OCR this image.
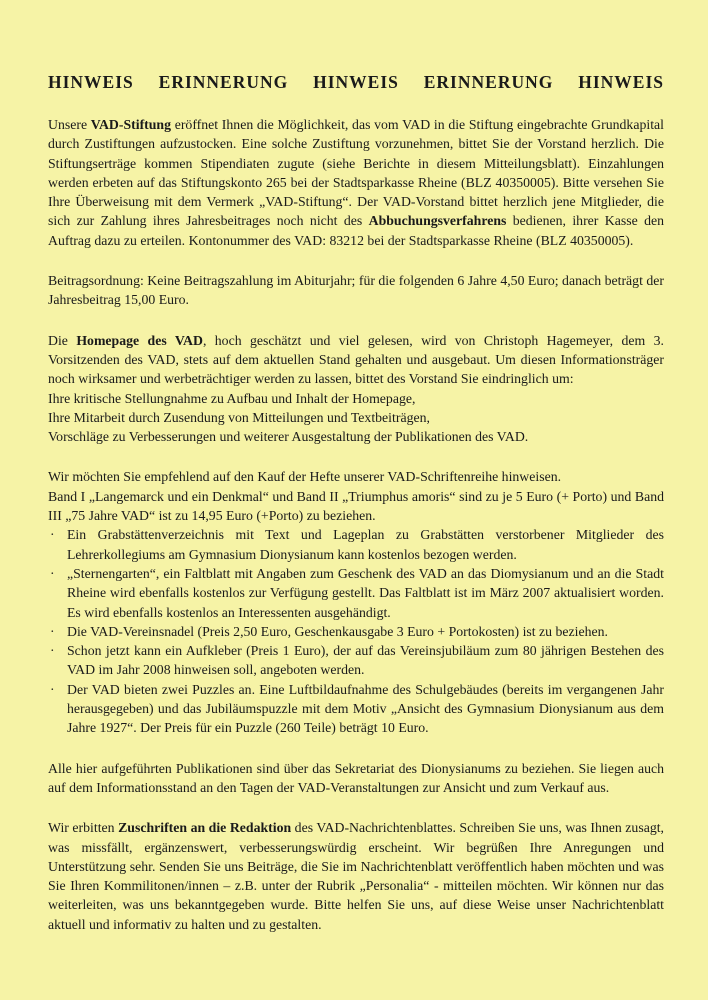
HINWEIS ERINNERUNG HINWEIS ERINNERUNG HINWEIS

Unsere VAD-Stiftung eröffnet Ihnen die Möglichkeit, das vom VAD in die Stiftung eingebrachte Grundkapital durch Zustiftungen aufzustocken. Eine solche Zustiftung vorzunehmen, bittet Sie der Vorstand herzlich. Die Stiftungserträge kommen Stipendiaten zugute (siehe Berichte in diesem Mitteilungsblatt). Einzahlungen werden erbeten auf das Stiftungskonto 265 bei der Stadtsparkasse Rheine (BLZ 40350005). Bitte versehen Sie Ihre Überweisung mit dem Vermerk „VAD-Stiftung“. Der VAD-Vorstand bittet herzlich jene Mitglieder, die sich zur Zahlung ihres Jahresbeitrages noch nicht des Abbuchungsverfahrens bedienen, ihrer Kasse den Auftrag dazu zu erteilen. Kontonummer des VAD: 83212 bei der Stadtsparkasse Rheine (BLZ 40350005).

Beitragsordnung: Keine Beitragszahlung im Abiturjahr; für die folgenden 6 Jahre 4,50 Euro; danach beträgt der Jahresbeitrag 15,00 Euro.

Die Homepage des VAD, hoch geschätzt und viel gelesen, wird von Christoph Hagemeyer, dem 3. Vorsitzenden des VAD, stets auf dem aktuellen Stand gehalten und ausgebaut. Um diesen Informationsträger noch wirksamer und werbeträchtiger werden zu lassen, bittet des Vorstand Sie eindringlich um:

Ihre kritische Stellungnahme zu Aufbau und Inhalt der Homepage,
Ihre Mitarbeit durch Zusendung von Mitteilungen und Textbeiträgen,
Vorschläge zu Verbesserungen und weiterer Ausgestaltung der Publikationen des VAD.

Wir möchten Sie empfehlend auf den Kauf der Hefte unserer VAD-Schriftenreihe hinweisen.

Band I „Langemarck und ein Denkmal“ und Band II „Triumphus amoris“ sind zu je 5 Euro (+ Porto) und Band III „75 Jahre VAD“ ist zu 14,95 Euro (+Porto) zu beziehen.

· Ein Grabstättenverzeichnis mit Text und Lageplan zu Grabstätten verstorbener Mitglieder des Lehrerkollegiums am Gymnasium Dionysianum kann kostenlos bezogen werden.
· „Sternengarten“, ein Faltblatt mit Angaben zum Geschenk des VAD an das Diomysianum und an die Stadt Rheine wird ebenfalls kostenlos zur Verfügung gestellt. Das Faltblatt ist im März 2007 aktualisiert worden. Es wird ebenfalls kostenlos an Interessenten ausgehändigt.
· Die VAD-Vereinsnadel (Preis 2,50 Euro, Geschenkausgabe 3 Euro + Portokosten) ist zu beziehen.
· Schon jetzt kann ein Aufkleber (Preis 1 Euro), der auf das Vereinsjubiläum zum 80 jährigen Bestehen des VAD im Jahr 2008 hinweisen soll, angeboten werden.
· Der VAD bieten zwei Puzzles an. Eine Luftbildaufnahme des Schulgebäudes (bereits im vergangenen Jahr herausgegeben) und das Jubiläumspuzzle mit dem Motiv „Ansicht des Gymnasium Dionysianum aus dem Jahre 1927“. Der Preis für ein Puzzle (260 Teile) beträgt 10 Euro.

Alle hier aufgeführten Publikationen sind über das Sekretariat des Dionysianums zu beziehen. Sie liegen auch auf dem Informationsstand an den Tagen der VAD-Veranstaltungen zur Ansicht und zum Verkauf aus.

Wir erbitten Zuschriften an die Redaktion des VAD-Nachrichtenblattes. Schreiben Sie uns, was Ihnen zusagt, was missfällt, ergänzenswert, verbesserungswürdig erscheint. Wir begrüßen Ihre Anregungen und Unterstützung sehr. Senden Sie uns Beiträge, die Sie im Nachrichtenblatt veröffentlich haben möchten und was Sie Ihren Kommilitonen/innen – z.B. unter der Rubrik „Personalia“ - mitteilen möchten. Wir können nur das weiterleiten, was uns bekanntgegeben wurde. Bitte helfen Sie uns, auf diese Weise unser Nachrichtenblatt aktuell und informativ zu halten und zu gestalten.
